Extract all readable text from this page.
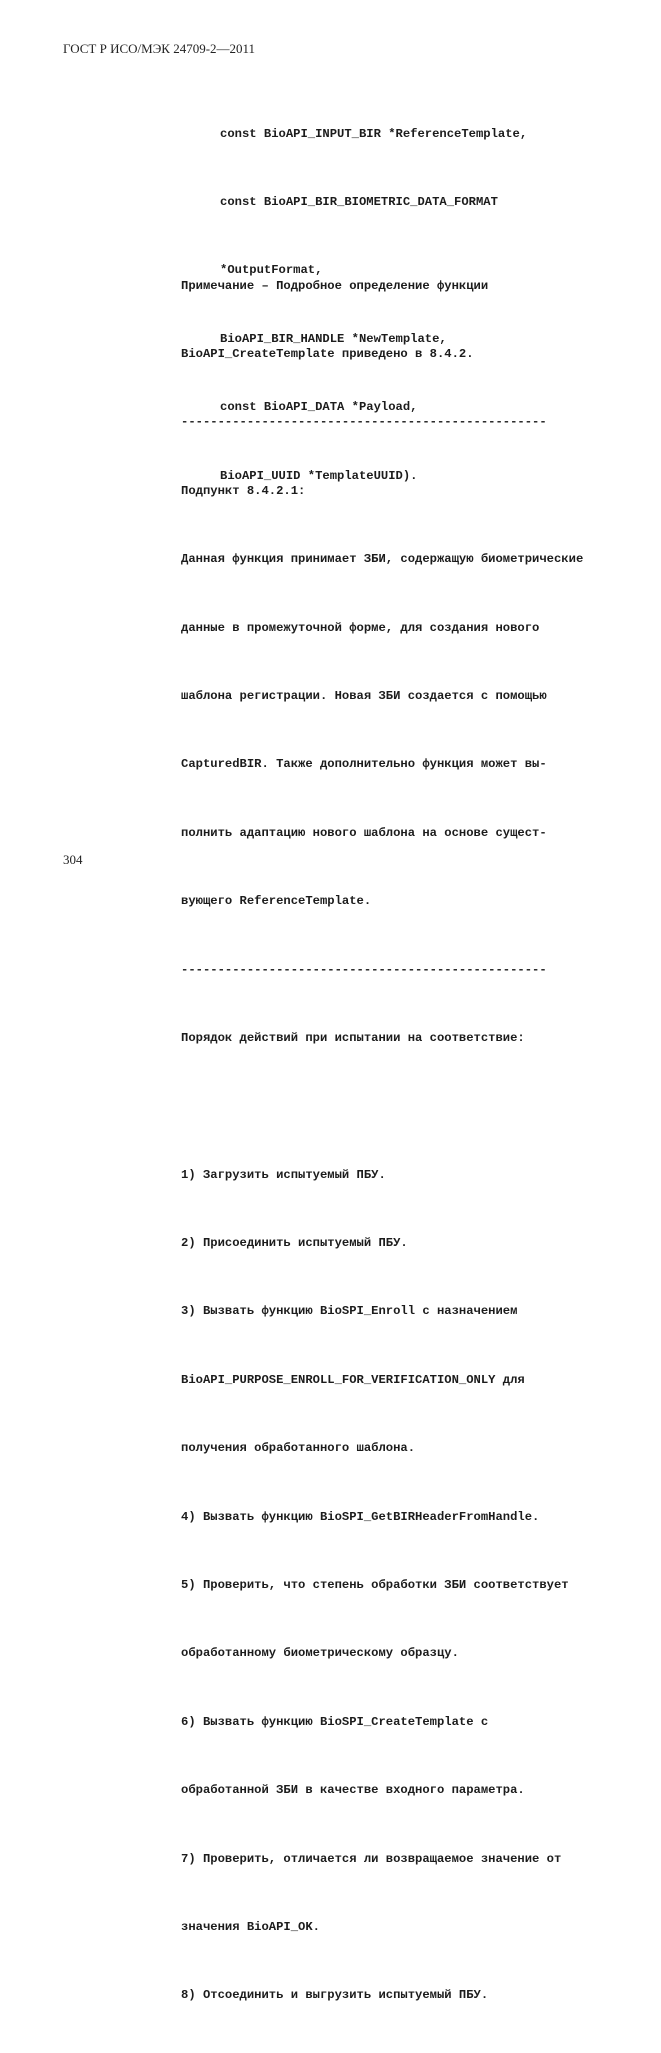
ГОСТ Р ИСО/МЭК 24709-2—2011

const BioAPI_INPUT_BIR *ReferenceTemplate,

const BioAPI_BIR_BIOMETRIC_DATA_FORMAT

*OutputFormat,

BioAPI_BIR_HANDLE *NewTemplate,

const BioAPI_DATA *Payload,

BioAPI_UUID *TemplateUUID).

Примечание – Подробное определение функции

BioAPI_CreateTemplate приведено в 8.4.2.

--------------------------------------------------

Подпункт 8.4.2.1:

Данная функция принимает ЗБИ, содержащую биометрические

данные в промежуточной форме, для создания нового

шаблона регистрации. Новая ЗБИ создается с помощью

CapturedBIR. Также дополнительно функция может вы-

полнить адаптацию нового шаблона на основе сущест-

вующего ReferenceTemplate.

--------------------------------------------------

Порядок действий при испытании на соответствие:

1) Загрузить испытуемый ПБУ.

2) Присоединить испытуемый ПБУ.

3) Вызвать функцию BioSPI_Enroll с назначением

BioAPI_PURPOSE_ENROLL_FOR_VERIFICATION_ONLY для

получения обработанного шаблона.

4) Вызвать функцию BioSPI_GetBIRHeaderFromHandle.

5) Проверить, что степень обработки ЗБИ соответствует

обработанному биометрическому образцу.

6) Вызвать функцию BioSPI_CreateTemplate с

обработанной ЗБИ в качестве входного параметра.

7) Проверить, отличается ли возвращаемое значение от

значения BioAPI_OK.

8) Отсоединить и выгрузить испытуемый ПБУ.

304
